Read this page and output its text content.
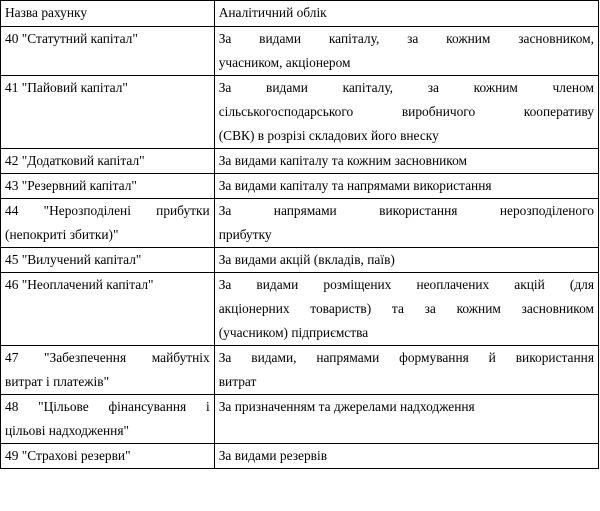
Назва рахунку	Аналітичний облік

40 "Статутний капітал"	За видами капіталу, за кожним засновником,
учасником, акціонером

41 "Пайовий капітал"	За видами капіталу, за кожним членом
сільськогосподарського виробничого кооперативу
(СВК) в розрізі складових його внеску

42 "Додатковий капітал"	За видами капіталу та кожним засновником

43 "Резервний капітал"	За видами капіталу та напрямами використання

44 "Нерозподілені прибутки
(непокриті збитки)"	За напрямами використання нерозподіленого
прибутку

45 "Вилучений капітал"	За видами акцій (вкладів, паїв)

46 "Неоплачений капітал"	За видами розміщених неоплачених акцій (для
акціонерних товариств) та за кожним засновником
(учасником) підприємства

47 "Забезпечення майбутніх
витрат і платежів"	За видами, напрямами формування й використання
витрат

48 "Цільове фінансування і
цільові надходження"	За призначенням та джерелами надходження

49 "Страхові резерви"	За видами резервів
